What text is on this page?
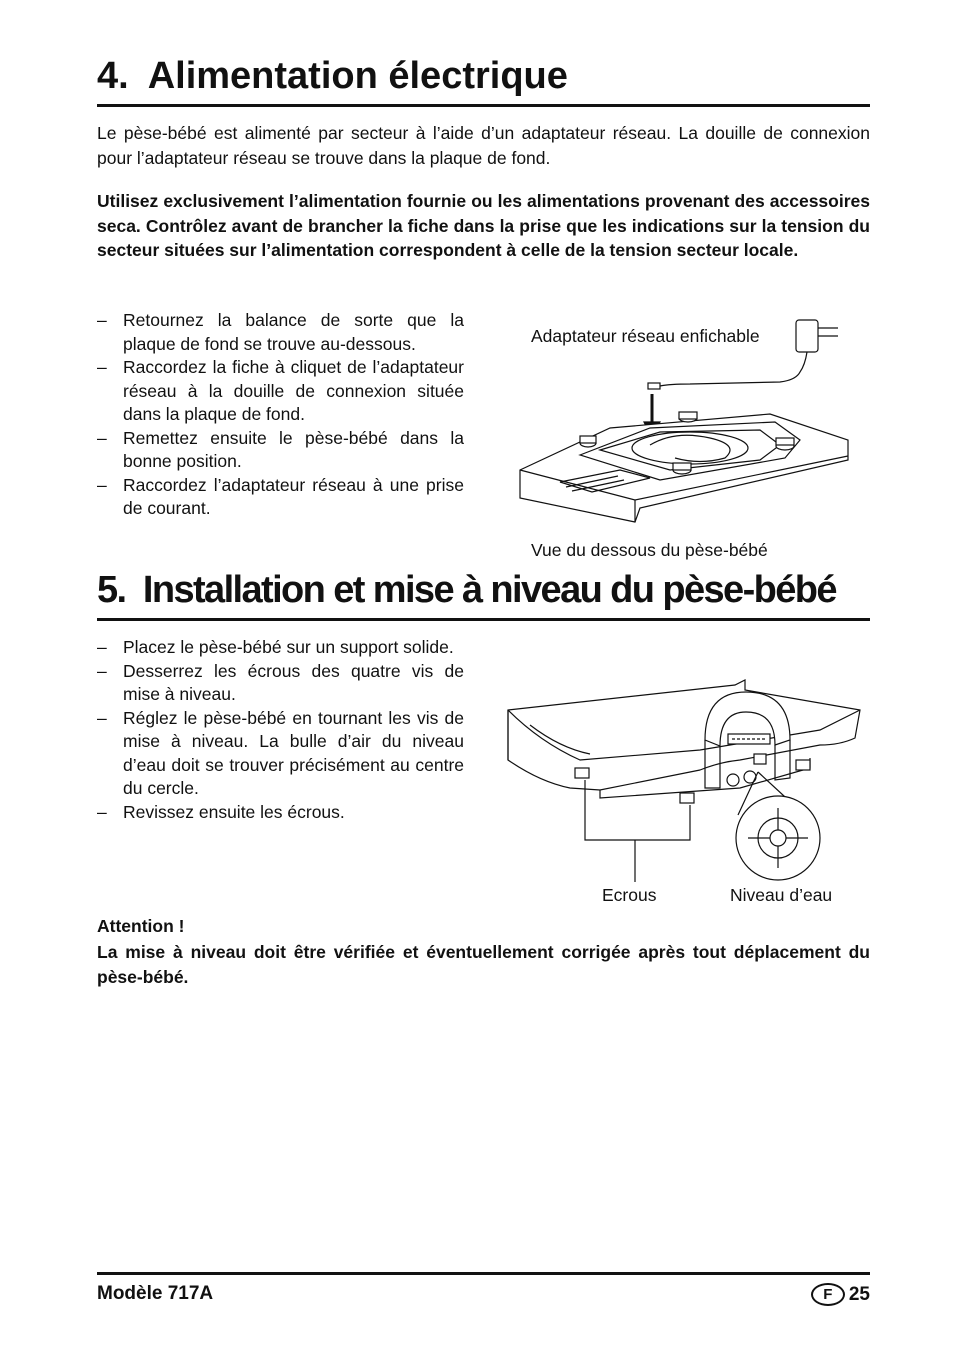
4. Alimentation électrique

Le pèse-bébé est alimenté par secteur à l’aide d’un adaptateur réseau. La douille de connexion pour l’adaptateur réseau se trouve dans la plaque de fond.

Utilisez exclusivement l’alimentation fournie ou les alimentations provenant des accessoires seca. Contrôlez avant de brancher la fiche dans la prise que les indications sur la tension du secteur situées sur l’alimentation correspondent à celle de la tension secteur locale.

– Retournez la balance de sorte que la plaque de fond se trouve au-dessous.
– Raccordez la fiche à cliquet de l’adaptateur réseau à la douille de connexion située dans la plaque de fond.
– Remettez ensuite le pèse-bébé dans la bonne position.
– Raccordez l’adaptateur réseau à une prise de courant.
Adaptateur réseau enfichable
Vue du dessous du pèse-bébé
5. Installation et mise à niveau du pèse-bébé
– Placez le pèse-bébé sur un support solide.
– Desserrez les écrous des quatre vis de mise à niveau.
– Réglez le pèse-bébé en tournant les vis de mise à niveau. La bulle d’air du niveau d’eau doit se trouver précisément au centre du cercle.
– Revissez ensuite les écrous.
Ecrous	Niveau d’eau
Attention !

La mise à niveau doit être vérifiée et éventuellement corrigée après tout déplacement du pèse-bébé.

Modèle 717A	F 25
